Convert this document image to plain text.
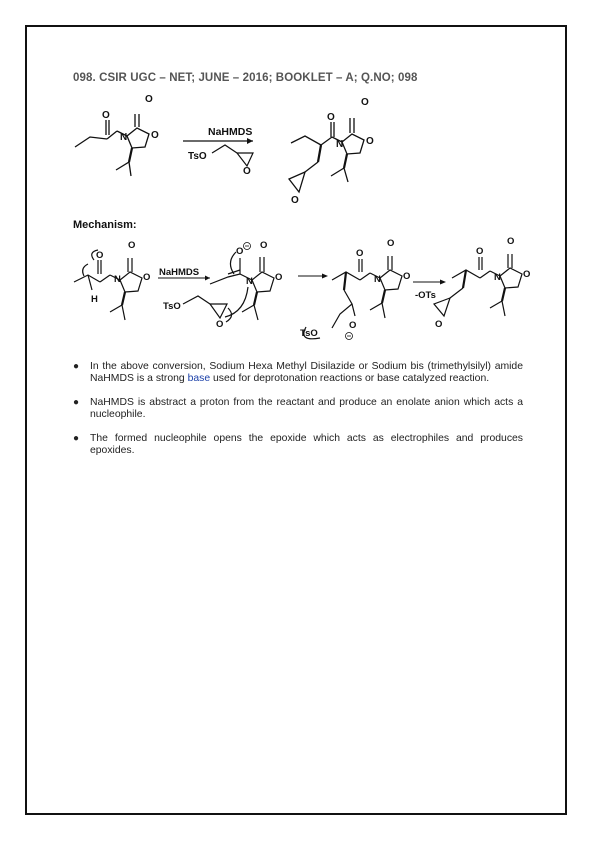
098. CSIR UGC – NET; JUNE – 2016; BOOKLET – A; Q.NO; 098
O
O
N O	NaHMDS
TsO
O
O
O
N O
O
Mechanism:
O
O
N O
H
NaHMDS
O
O
N O
TsO
O
O
O
N O
TsO
O
-OTs
O
O
N O
O
● In the above conversion, Sodium Hexa Methyl Disilazide or Sodium bis (trimethylsilyl) amide NaHMDS is a strong base used for deprotonation reactions or base catalyzed reaction.
● NaHMDS is abstract a proton from the reactant and produce an enolate anion which acts a nucleophile.
● The formed nucleophile opens the epoxide which acts as electrophiles and produces epoxides.
